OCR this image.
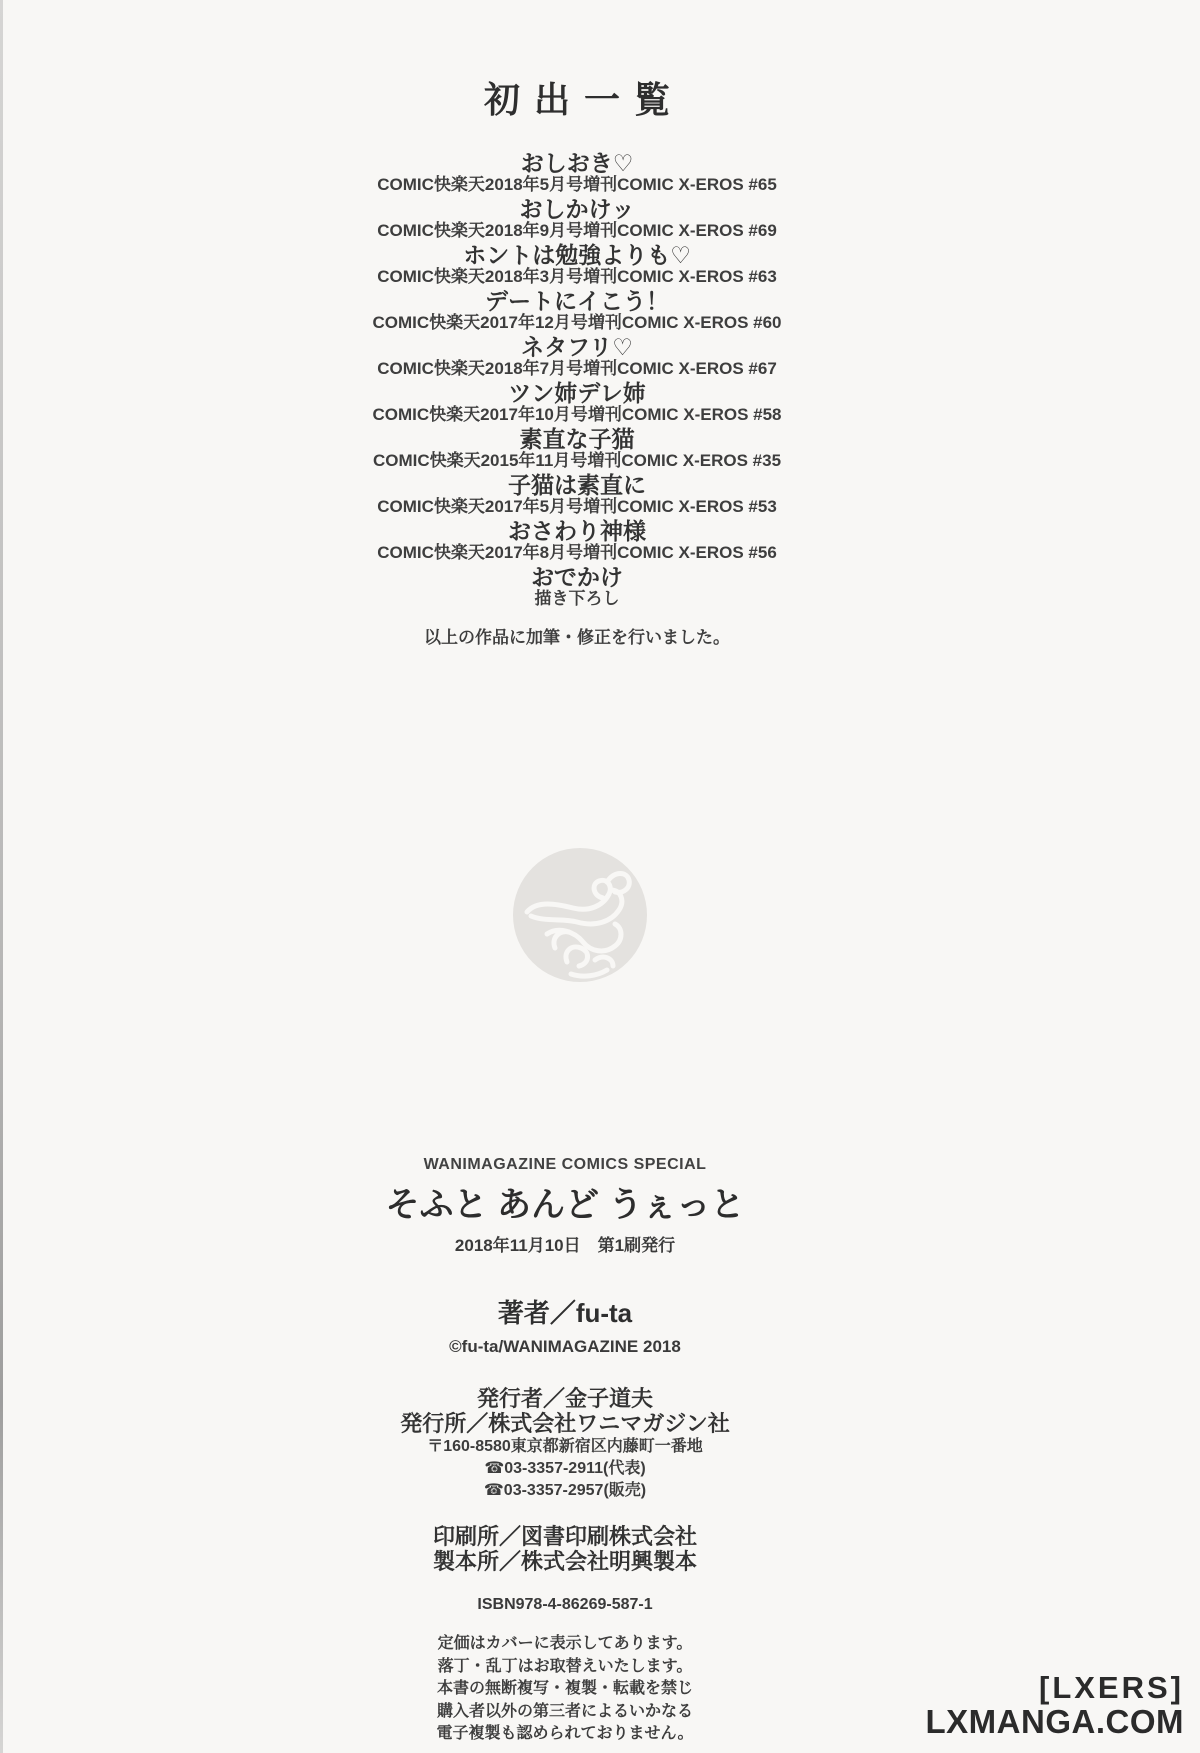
初出一覧
おしおき♡
COMIC快楽天2018年5月号増刊COMIC X-EROS #65
おしかけッ
COMIC快楽天2018年9月号増刊COMIC X-EROS #69
ホントは勉強よりも♡
COMIC快楽天2018年3月号増刊COMIC X-EROS #63
デートにイこう！
COMIC快楽天2017年12月号増刊COMIC X-EROS #60
ネタフリ♡
COMIC快楽天2018年7月号増刊COMIC X-EROS #67
ツン姉デレ姉
COMIC快楽天2017年10月号増刊COMIC X-EROS #58
素直な子猫
COMIC快楽天2015年11月号増刊COMIC X-EROS #35
子猫は素直に
COMIC快楽天2017年5月号増刊COMIC X-EROS #53
おさわり神様
COMIC快楽天2017年8月号増刊COMIC X-EROS #56
おでかけ
描き下ろし
以上の作品に加筆・修正を行いました。
WANIMAGAZINE COMICS SPECIAL
そふと あんど うぇっと
2018年11月10日　第1刷発行
著者／fu-ta
©fu-ta/WANIMAGAZINE 2018
発行者／金子道夫
発行所／株式会社ワニマガジン社
〒160-8580東京都新宿区内藤町一番地
☎03-3357-2911(代表)
☎03-3357-2957(販売)
印刷所／図書印刷株式会社
製本所／株式会社明興製本
ISBN978-4-86269-587-1
定価はカバーに表示してあります。
落丁・乱丁はお取替えいたします。
本書の無断複写・複製・転載を禁じ
購入者以外の第三者によるいかなる
電子複製も認められておりません。
[LXERS]
LXMANGA.COM
